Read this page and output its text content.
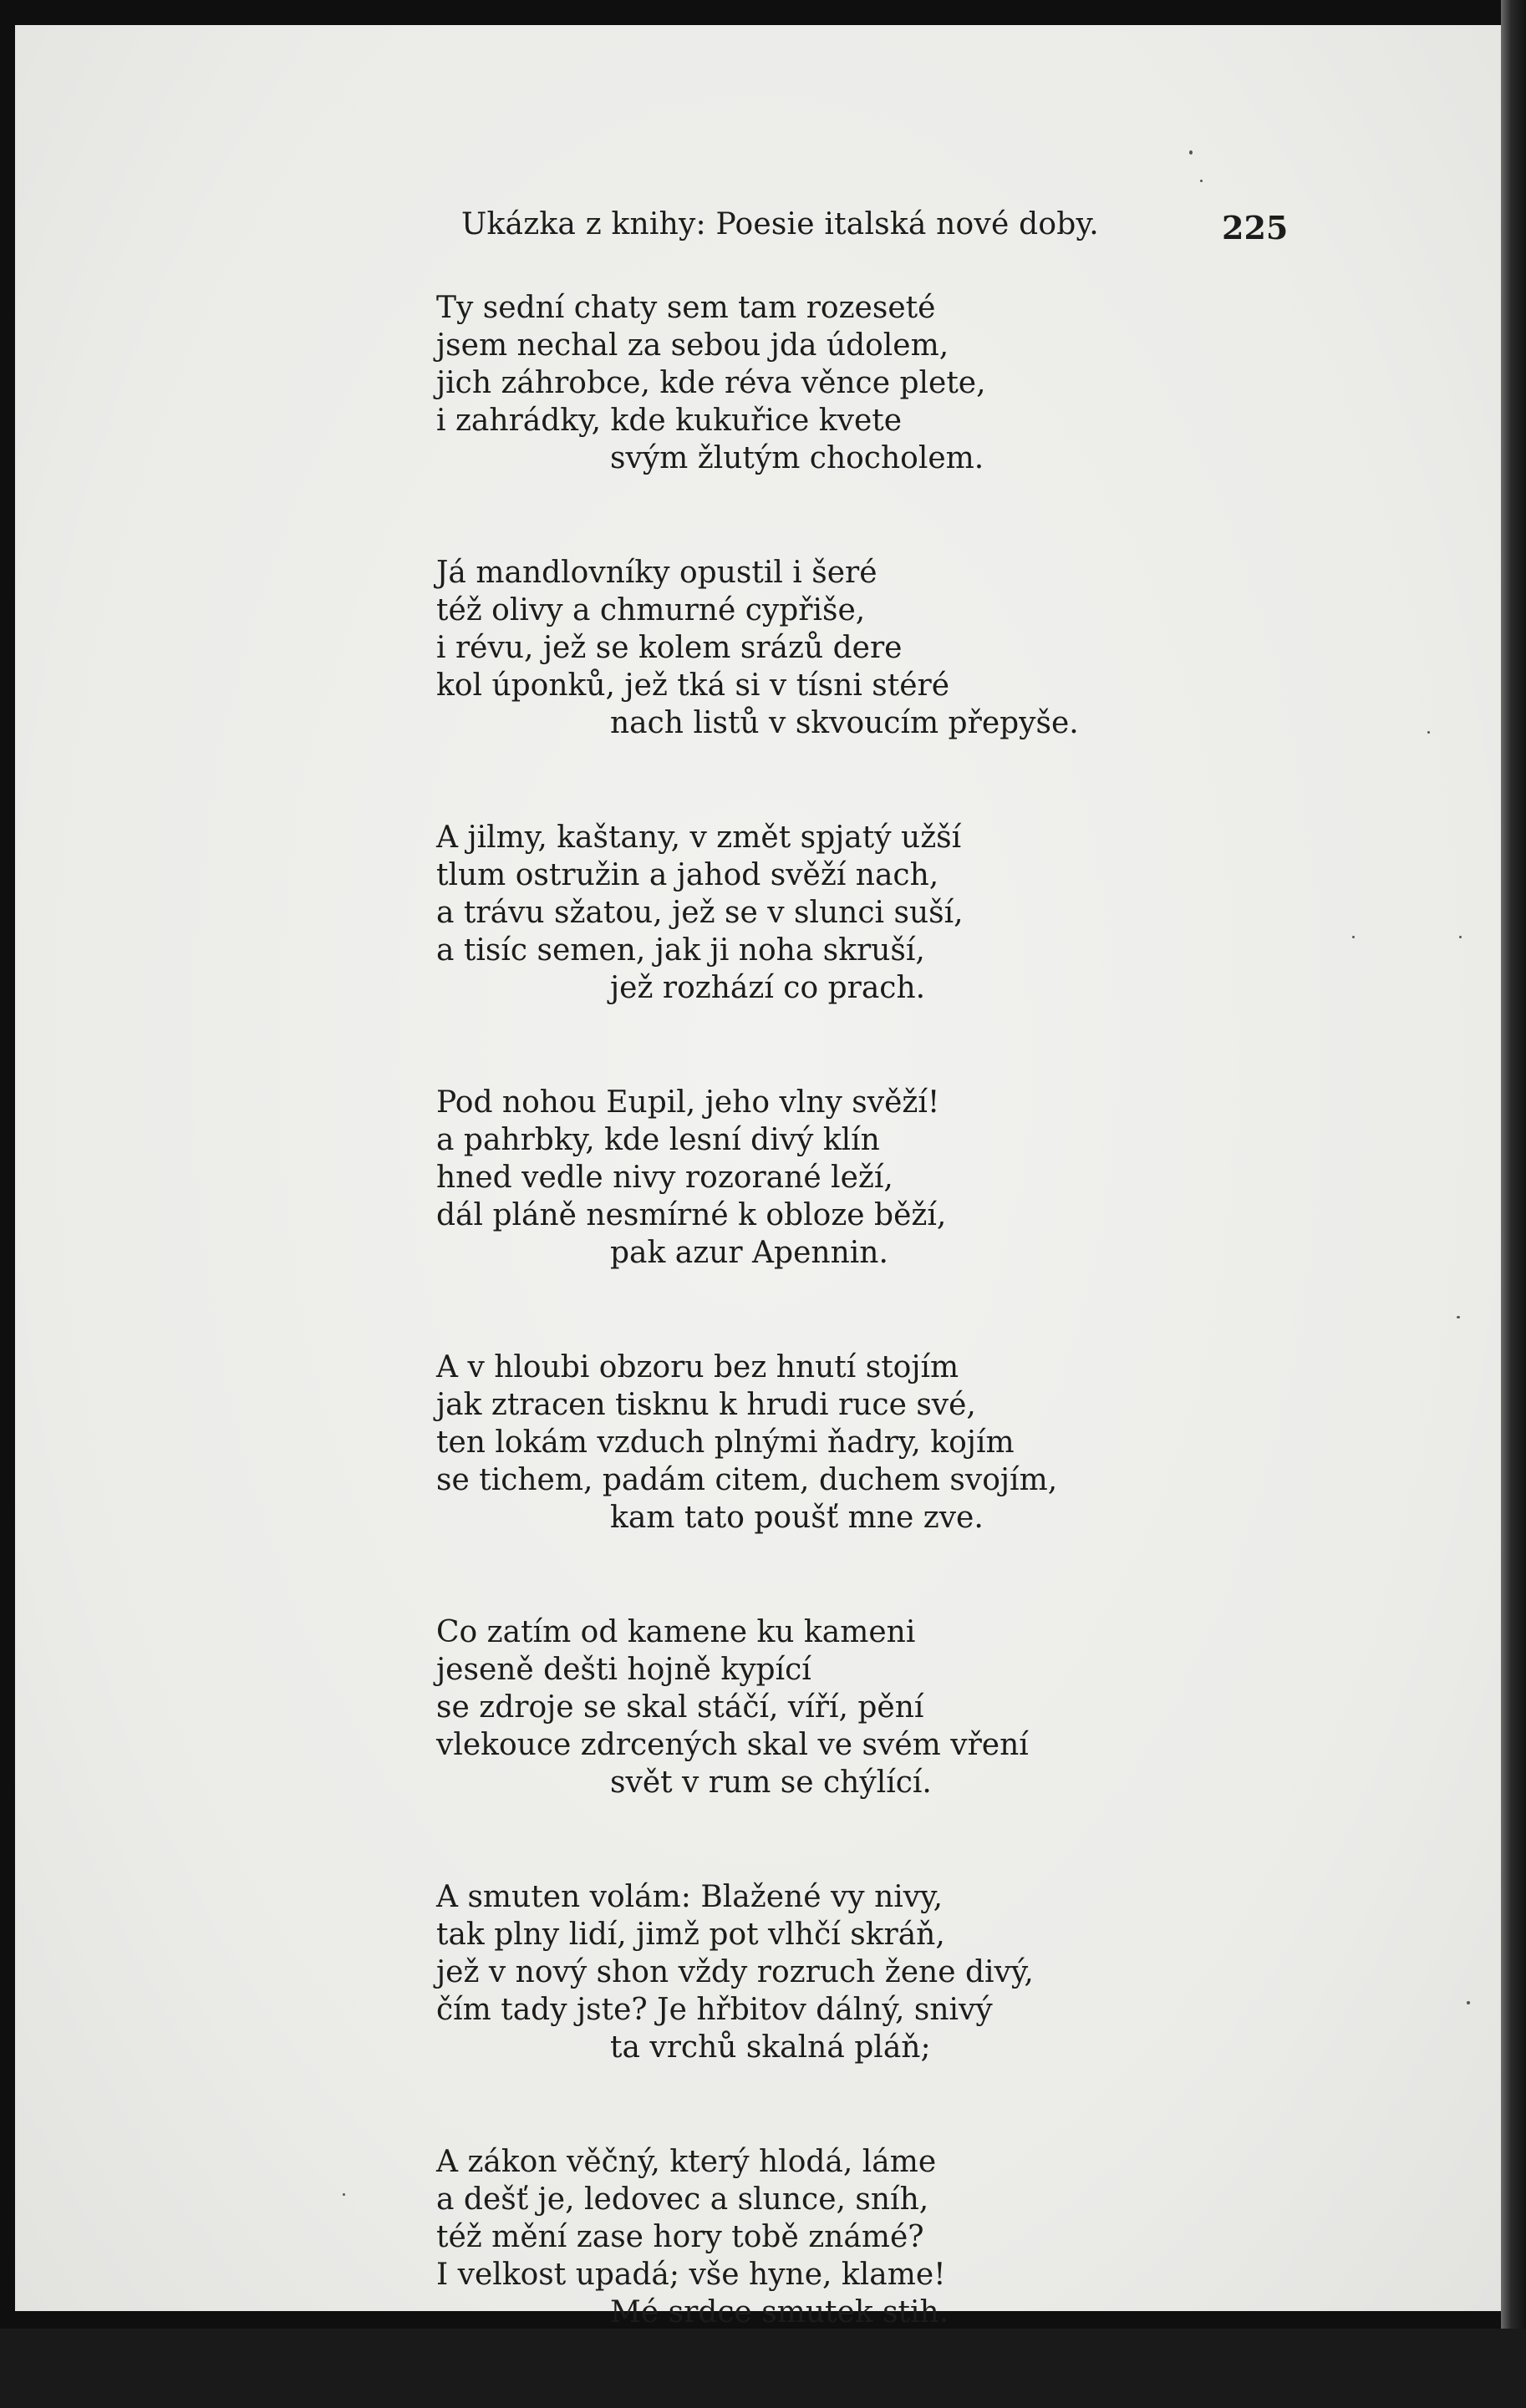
Ukázka z knihy: Poesie italská nové doby.	225
Ty sední chaty sem tam rozeseté
jsem nechal za sebou jda údolem,
jich záhrobce, kde réva věnce plete,
i zahrádky, kde kukuřice kvete
svým žlutým chocholem.
Já mandlovníky opustil i šeré
též olivy a chmurné cypřiše,
i révu, jež se kolem srázů dere
kol úponků, jež tká si v tísni stéré
nach listů v skvoucím přepyše.
A jilmy, kaštany, v změt spjatý užší
tlum ostružin a jahod svěží nach,
a trávu sžatou, jež se v slunci suší,
a tisíc semen, jak ji noha skruší,
jež rozhází co prach.
Pod nohou Eupil, jeho vlny svěží!
a pahrbky, kde lesní divý klín
hned vedle nivy rozorané leží,
dál pláně nesmírné k obloze běží,
pak azur Apennin.
A v hloubi obzoru bez hnutí stojím
jak ztracen tisknu k hrudi ruce své,
ten lokám vzduch plnými ňadry, kojím
se tichem, padám citem, duchem svojím,
kam tato poušť mne zve.
Co zatím od kamene ku kameni
jeseně dešti hojně kypící
se zdroje se skal stáčí, víří, pění
vlekouce zdrcených skal ve svém vření
svět v rum se chýlící.
A smuten volám: Blažené vy nivy,
tak plny lidí, jimž pot vlhčí skráň,
jež v nový shon vždy rozruch žene divý,
čím tady jste? Je hřbitov dálný, snivý
ta vrchů skalná pláň;
A zákon věčný, který hlodá, láme
a dešť je, ledovec a slunce, sníh,
též mění zase hory tobě známé?
I velkost upadá; vše hyne, klame!
Mé srdce smutek stih.
